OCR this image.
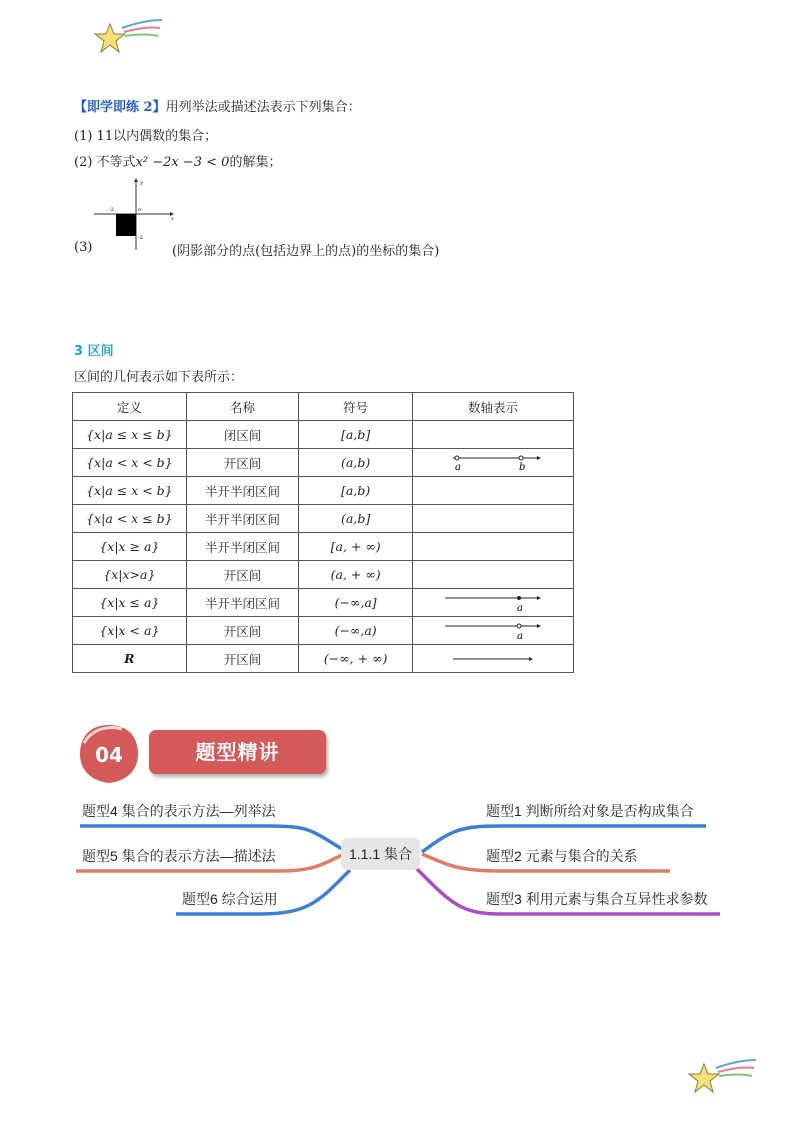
【即学即练 2】用列举法或描述法表示下列集合：
(1) 11以内偶数的集合；
(2) 不等式x² −2x −3 < 0的解集；
y
x
o
-2
-2
(3)	(阴影部分的点(包括边界上的点)的坐标的集合)
3 区间
区间的几何表示如下表所示：
定义	名称	符号	数轴表示
{x|a ≤ x ≤ b}	闭区间	[a,b]	
{x|a < x < b}	开区间	(a,b)	a b

{x|a ≤ x < b}	半开半闭区间	[a,b)	
{x|a < x ≤ b}	半开半闭区间	(a,b]	
{x|x ≥ a}	半开半闭区间	[a, + ∞)	
{x|x>a}	开区间	(a, + ∞)	
{x|x ≤ a}	半开半闭区间	(−∞,a]	a

{x|x < a}	开区间	(−∞,a)	a

R	开区间	(−∞, + ∞)	
04	题型精讲
1.1.1 集合
题型4 集合的表示方法—列举法
题型5 集合的表示方法—描述法
题型6 综合运用
题型1 判断所给对象是否构成集合
题型2 元素与集合的关系
题型3 利用元素与集合互异性求参数
